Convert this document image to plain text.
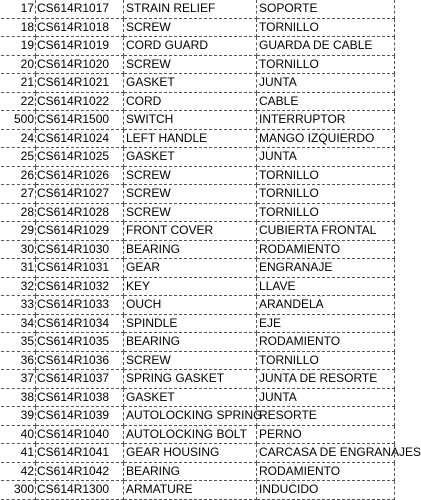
17	CS614R1017	STRAIN RELIEF	SOPORTE
18	CS614R1018	SCREW	TORNILLO
19	CS614R1019	CORD GUARD	GUARDA DE CABLE
20	CS614R1020	SCREW	TORNILLO
21	CS614R1021	GASKET	JUNTA
22	CS614R1022	CORD	CABLE
500	CS614R1500	SWITCH	INTERRUPTOR
24	CS614R1024	LEFT HANDLE	MANGO IZQUIERDO
25	CS614R1025	GASKET	JUNTA
26	CS614R1026	SCREW	TORNILLO
27	CS614R1027	SCREW	TORNILLO
28	CS614R1028	SCREW	TORNILLO
29	CS614R1029	FRONT COVER	CUBIERTA FRONTAL
30	CS614R1030	BEARING	RODAMIENTO
31	CS614R1031	GEAR	ENGRANAJE
32	CS614R1032	KEY	LLAVE
33	CS614R1033	OUCH	ARANDELA
34	CS614R1034	SPINDLE	EJE
35	CS614R1035	BEARING	RODAMIENTO
36	CS614R1036	SCREW	TORNILLO
37	CS614R1037	SPRING GASKET	JUNTA DE RESORTE
38	CS614R1038	GASKET	JUNTA
39	CS614R1039	AUTOLOCKING SPRING	RESORTE
40	CS614R1040	AUTOLOCKING BOLT	PERNO
41	CS614R1041	GEAR HOUSING	CARCASA DE ENGRANAJES
42	CS614R1042	BEARING	RODAMIENTO
300	CS614R1300	ARMATURE	INDUCIDO
